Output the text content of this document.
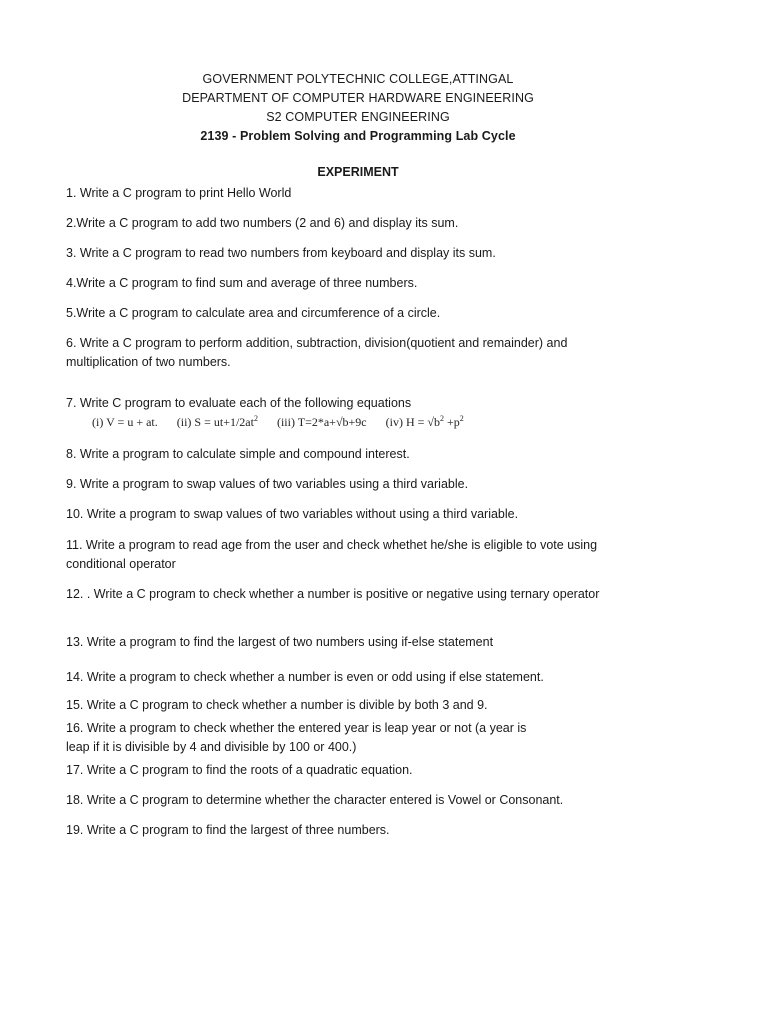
GOVERNMENT POLYTECHNIC COLLEGE,ATTINGAL
DEPARTMENT OF COMPUTER HARDWARE ENGINEERING
S2 COMPUTER ENGINEERING
2139 - Problem Solving and Programming Lab Cycle
EXPERIMENT
1. Write a C program to print Hello World
2.Write a C program to add two numbers (2 and 6) and display its sum.
3. Write a C program to read two numbers from keyboard and display its sum.
4.Write a C program to find sum and average of three numbers.
5.Write a C program to calculate area and circumference of a circle.
6. Write a C program to perform addition, subtraction, division(quotient and remainder) and multiplication of two numbers.
7. Write C program to evaluate each of the following equations
(i) V = u + at. (ii) $S = ut+1/2at^2$ (iii) T=2*a+√b+9c (iv) $H = √b^2 +p^2$
8. Write a program to calculate simple and compound interest.
9. Write a program to swap values of two variables using a third variable.
10. Write a program to swap values of two variables without using a third variable.
11. Write a program to read age from the user and check whethet he/she is eligible to vote using conditional operator
12. . Write a C program to check whether a number is positive or negative using ternary operator
13. Write a program to find the largest of two numbers using if-else statement
14. Write a program to check whether a number is even or odd using if else statement.
15. Write a C program to check whether a number is divible by both 3 and 9.
16. Write a program to check whether the entered year is leap year or not (a year is leap if it is divisible by 4 and divisible by 100 or 400.)
17. Write a C program to find the roots of a quadratic equation.
18. Write a C program to determine whether the character entered is Vowel or Consonant.
19. Write a C program to find the largest of three numbers.
